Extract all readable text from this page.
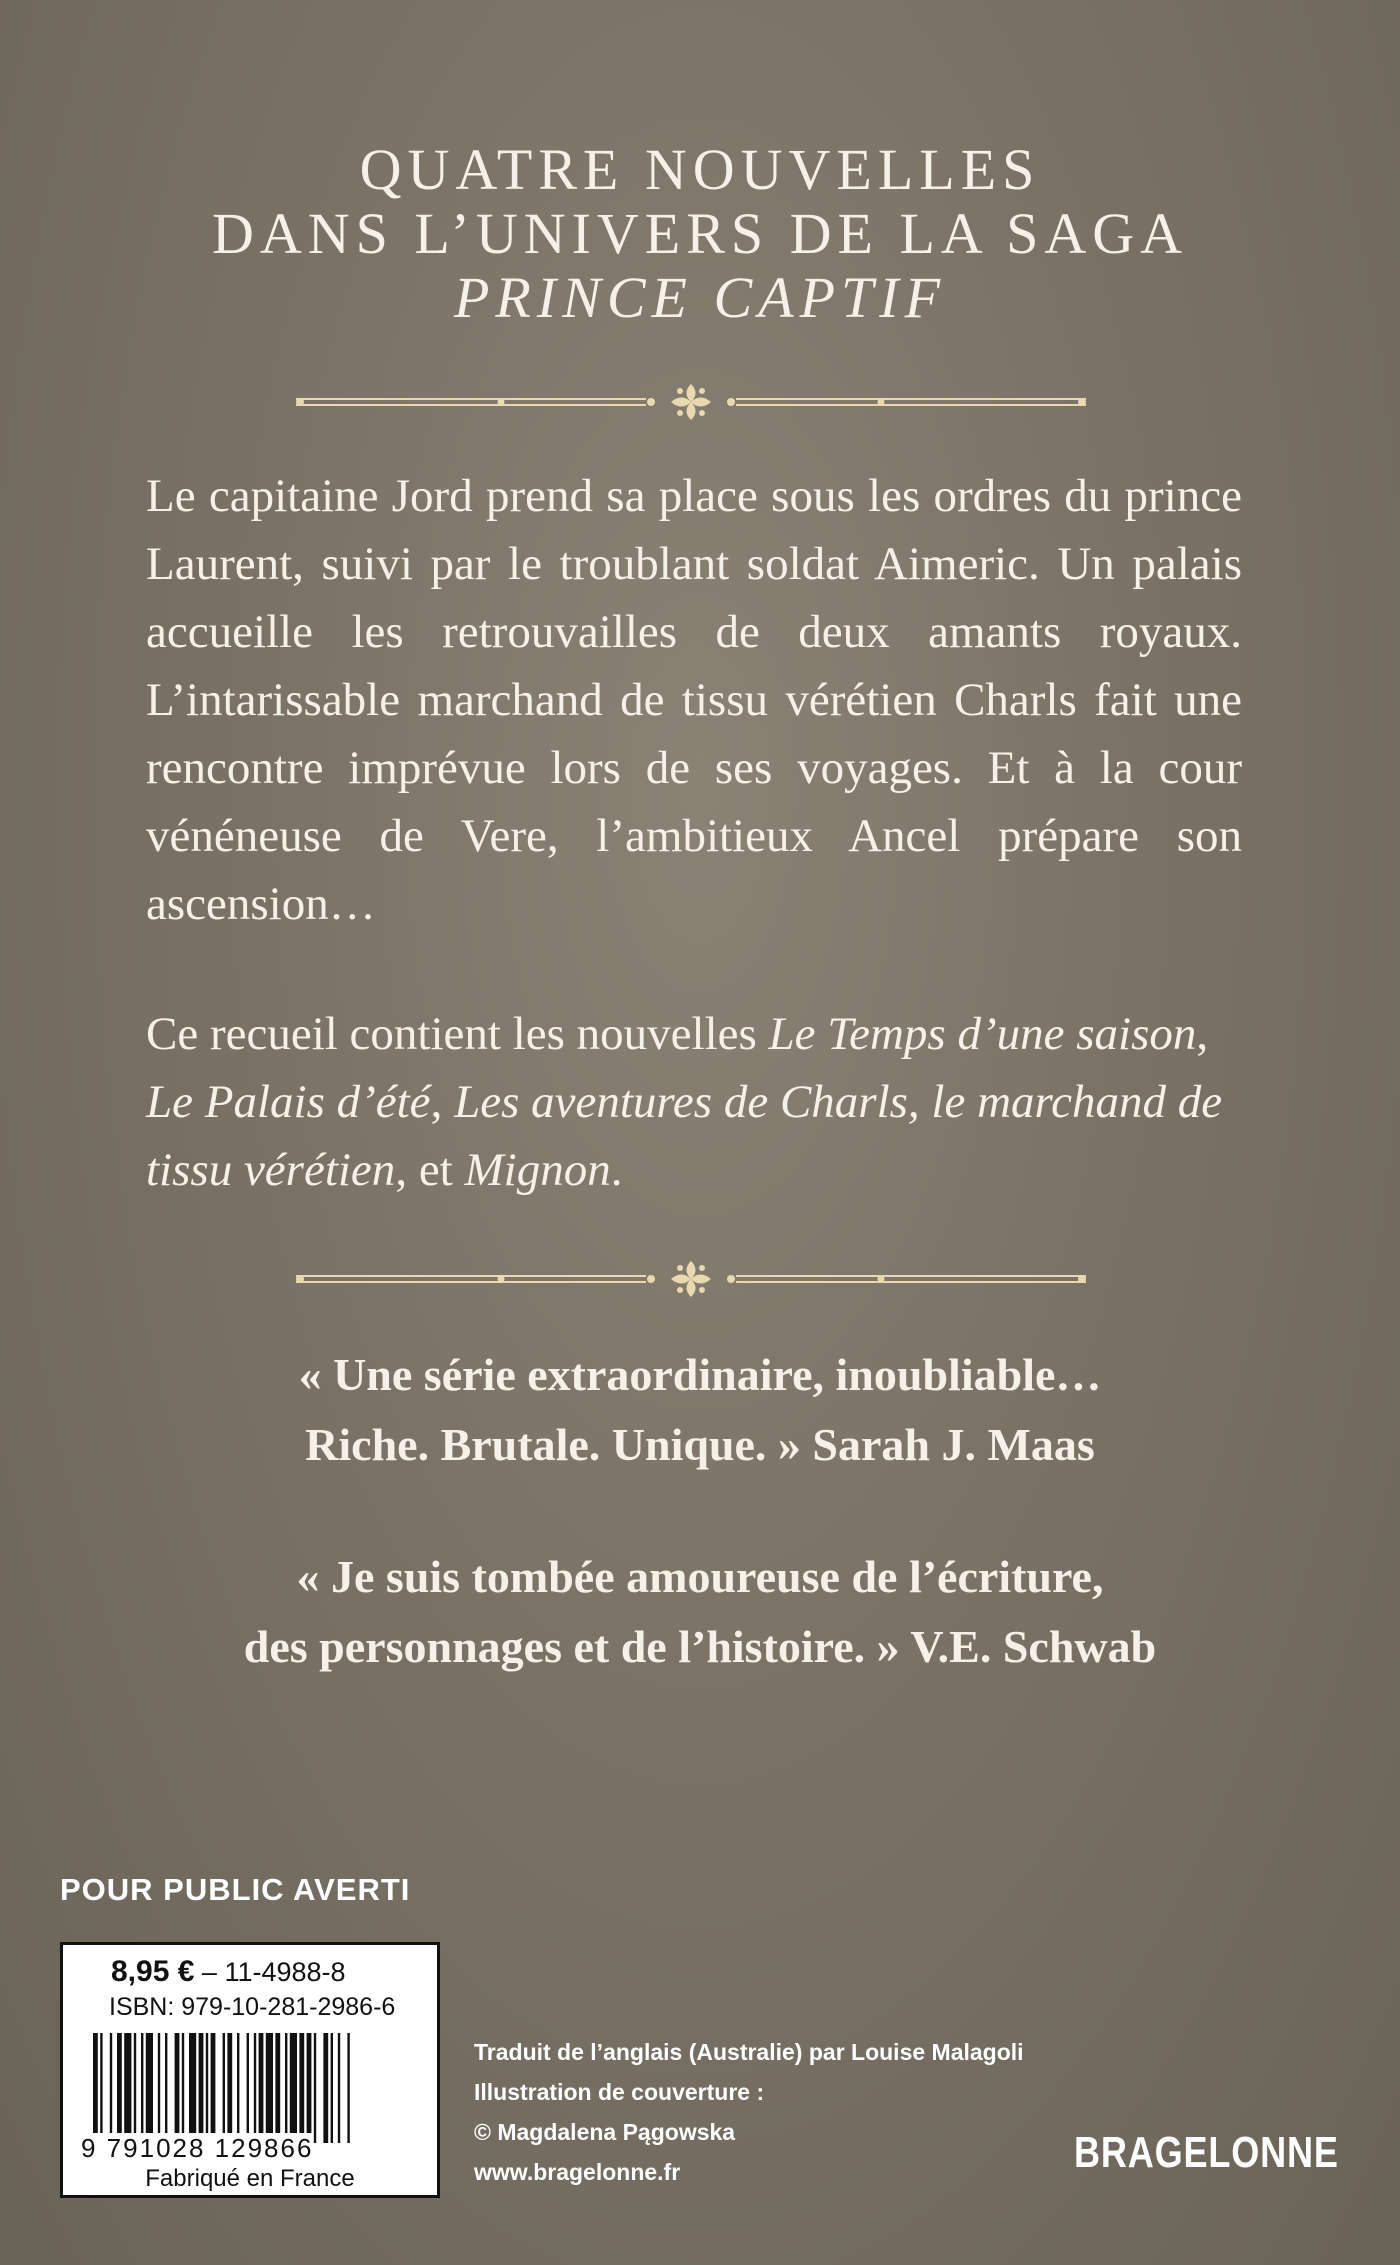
QUATRE NOUVELLES
DANS L’UNIVERS DE LA SAGA
PRINCE CAPTIF
Le capitaine Jord prend sa place sous les ordres du prince Laurent, suivi par le troublant soldat Aimeric. Un palais accueille les retrouvailles de deux amants royaux. L’intarissable marchand de tissu vérétien Charls fait une rencontre imprévue lors de ses voyages. Et à la cour vénéneuse de Vere, l’ambitieux Ancel prépare son ascension…
Ce recueil contient les nouvelles Le Temps d’une saison, Le Palais d’été, Les aventures de Charls, le marchand de tissu vérétien, et Mignon.
« Une série extraordinaire, inoubliable…
Riche. Brutale. Unique. » Sarah J. Maas
« Je suis tombée amoureuse de l’écriture,
des personnages et de l’histoire. » V.E. Schwab
POUR PUBLIC AVERTI
8,95 € – 11-4988-8
ISBN: 979-10-281-2986-6
9 791028 129866
Fabriqué en France
Traduit de l’anglais (Australie) par Louise Malagoli
Illustration de couverture :
© Magdalena Pągowska
www.bragelonne.fr	BRAGELONNE
